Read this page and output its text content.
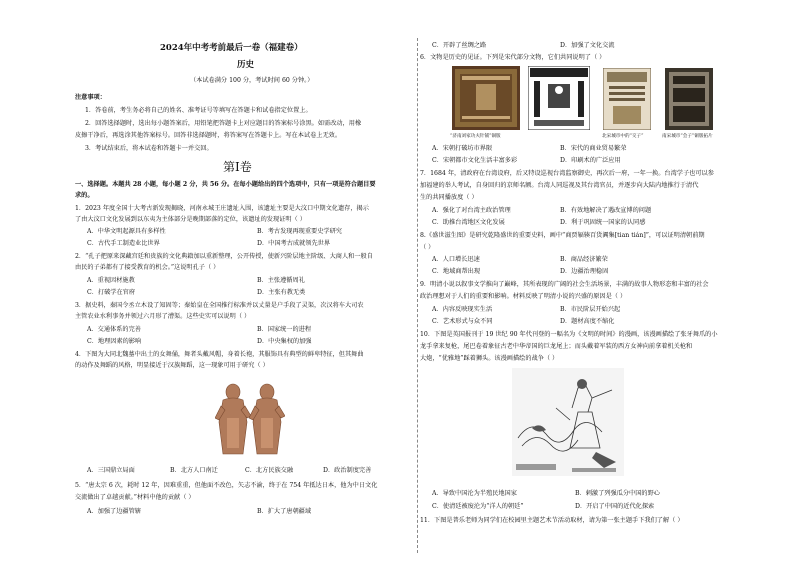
2024年中考考前最后一卷（福建卷）
历史
（本试卷满分 100 分，考试时间 60 分钟。）
注意事项：
1．答卷前，考生务必将自己的姓名、准考证号等填写在答题卡和试卷指定位置上。
2．回答选择题时，选出每小题答案后，用铅笔把答题卡上对应题目的答案标号涂黑。如需改动，用橡
皮擦干净后，再选涂其他答案标号。回答非选择题时，将答案写在答题卡上。写在本试卷上无效。
3．考试结束后，将本试卷和答题卡一并交回。
第Ⅰ卷
一、选择题。本题共 28 小题，每小题 2 分，共 56 分。在每小题给出的四个选项中，只有一项是符合题目要
求的。
1．2023 年度全国十大考古新发现揭晓，河南永城王庄遗址入围，该遗址主要是大汶口中期文化遗存，揭示
了由大汶口文化发展到以东夷为主体部分是晚期部落的定位，该遗址的发现证明（ ）
A．中华文明起源具有多样性	B．考古发现再现重要史学研究
C．古代手工制造业比世界	D．中国考古成就领先世界
2．“孔子把原来深藏宫廷和贵族的文化典籍加以重新整理，公开传授，使新兴阶层地主阶级、大商人和一般自
由民的子弟都有了接受教育的机会。”这说明孔子（ ）
A．重视因材施教	B．主张遵循周礼
C．打破学在官府	D．主张有教无类
3．据史料，秦国令丞立木设了知固等；秦始皇在全国推行标准并以丈量是户手段了灵渠，次汉将车大司农
主管农业水利事务并领过六月形了漕渠。这些史实可以说明（ ）
A．交通体系的完善	B．国家统一的进程
C．地理因素的影响	D．中央集权的加强
4．下图为大同北魏墓中出土的女舞俑，舞者头戴风帽，身着长袍，其服饰具有典型的鲜卑特征，但其舞曲
的动作及舞蹈的风格，明显接近于汉族舞蹈，这一现象可用于研究（ ）
A．三国鼎立局面	B．北方人口南迁	C．北方民族交融	D．政治制度完善
5．“唐太宗 6 次，耗时 12 年，因难重重，但他面不改色，矢志不渝，终于在 754 年抵达日本，他为中日文化
交流做出了卓越贡献。”材料中他的贡献（ ）
A．加强了边疆管辖	B．扩大了唐朝疆域
C．开辟了丝绸之路	D．加强了文化交流
6．文物是历史的见证。下列是宋代部分文物，它们共同说明了（ ）
“济南刘家功夫针铺”铜版	北宋城市中的“交子”	南宋城市“会子”铜版拓片
A．宋朝打破坊市界限	B．宋代的商业贸易繁荣
C．宋朝都市文化生活丰富多彩	D．印刷术的广泛应用
7．1684 年，清政府在台湾设府，后又特设巡视台湾监察御史，再次后一府，一年一换。台湾学子也可以参
加福建的举人考试，自身回归的京师名额。台湾人同巡视及其台湾官员，并逐步向大陆内地推行于清代
生的共同播放度（ ）
A．强化了对台湾主政治管理	B．有效地解决了遇改宣博的问题
C．助推台湾地区文化发展	D．利于巩固统一国家的认同感
8.《盛世滋生图》是研究乾隆盛世的重要史料，画中“商贾辐辏百货阗集[tian tián]”，可以证明清朝前期
（ ）
A．人口增长迅速	B．商品经济繁荣
C．地域商帮出现	D．边疆治理稳固
9．明清小说以叙事文学推向了巅峰，其所表现的广阔的社会生活场景，丰满的故事人物形态和丰富的社会
政治理想对于人们的重要和影响。材料反映了明清小说的兴盛的原因是（ ）
A．内容反映现实生活	B．市民阶层开始兴起
C．艺术形式与众不同	D．题材高度不缩化
10．下图是英国报刊于 19 世纪 90 年代刊登的一幅名为《文明的时间》的漫画，该漫画描绘了张牙舞爪的小
龙手拿来复枪，尾巴卷着象征古老中华帝国的巨龙尾上；而头戴着军装的西方女神向前拿着机关枪和
大炮，“优雅地”踩着狮头。该漫画描绘的战争（ ）
A．导致中国沦为半殖民地国家	B．刺激了列强瓜分中国的野心
C．使清廷被废沦为“洋人的朝廷”	D．开启了中国的近代化探索
11．下图是普乐老师为同学们在校园里主题艺术节活动取材，请为第一张主题手下我们了解（ ）
